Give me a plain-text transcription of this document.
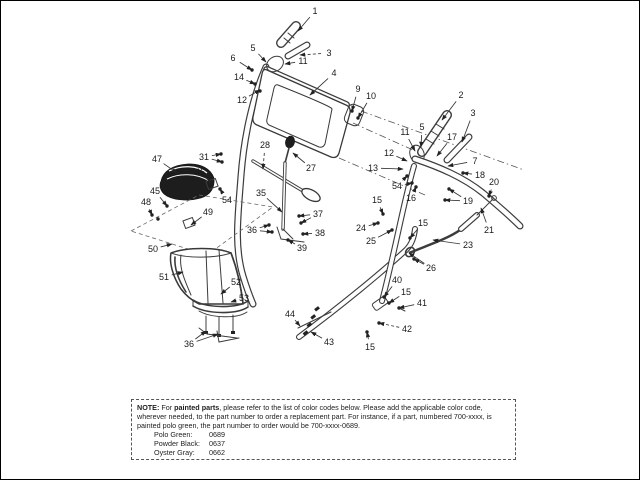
1
5	3
6	11
14	4
12
9
10	2
3
11 5
17
12
13
7
18
20
54
16	19
21
23
15
24
25
15
26
40
15
41
42
15
43
44
47	31
28
27
46
45
48	54
35
49
50
37
36	38
39
51	52
53
36
NOTE: For painted parts, please refer to the list of color codes below. Please add the applicable color code, wherever needed, to the part number to order a replacement part. For instance, if a part, numbered 700-xxxx, is painted polo green, the part number to order would be 700-xxxx-0689.
Polo Green:	0689
Powder Black:	0637
Oyster Gray:	0662
